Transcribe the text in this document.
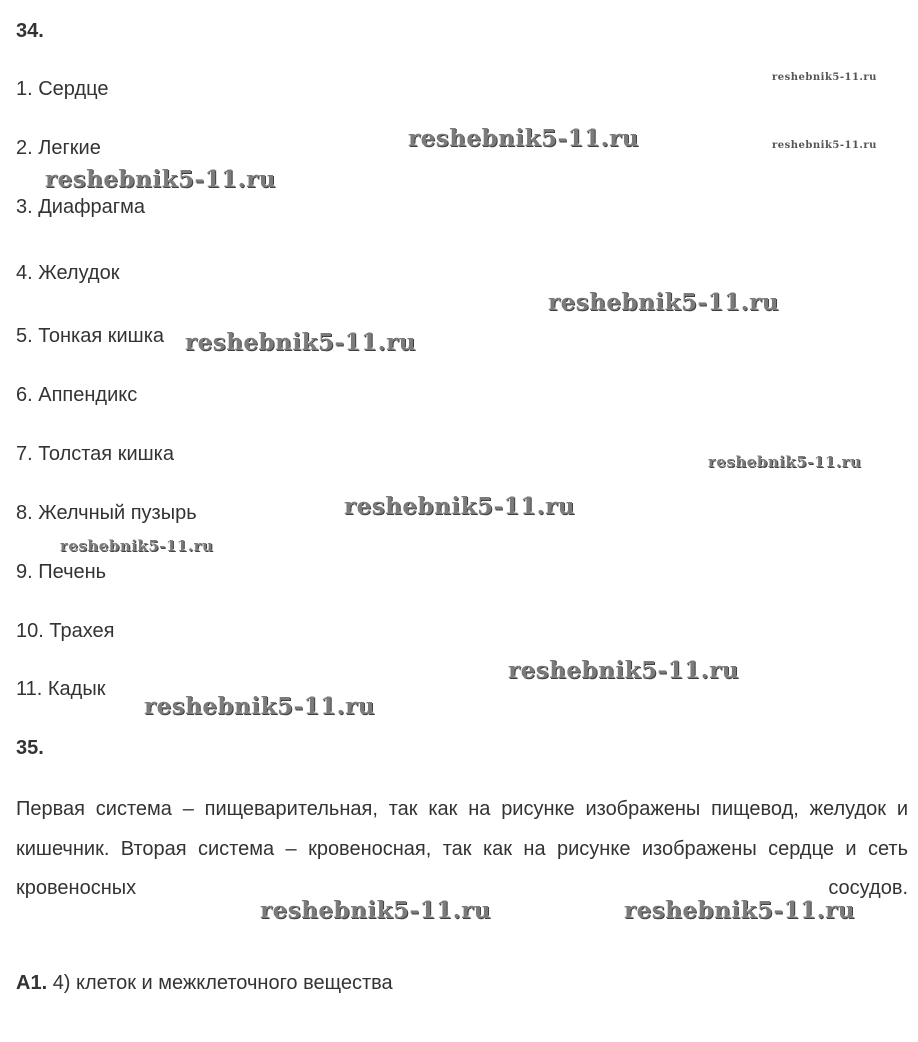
34.
1. Сердце
2. Легкие
3. Диафрагма
4. Желудок
5. Тонкая кишка
6. Аппендикс
7. Толстая кишка
8. Желчный пузырь
9. Печень
10. Трахея
11. Кадык
35.

Первая система – пищеварительная, так как на рисунке изображены пищевод, желудок и кишечник. Вторая система – кровеносная, так как на рисунке изображены сердце и сеть кровеносных сосудов.

A1. 4) клеток и межклеточного вещества
reshebnik5-11.ru
reshebnik5-11.ru	reshebnik5-11.ru
reshebnik5-11.ru
reshebnik5-11.ru
reshebnik5-11.ru
reshebnik5-11.ru
reshebnik5-11.ru
reshebnik5-11.ru
reshebnik5-11.ru
reshebnik5-11.ru
reshebnik5-11.ru	reshebnik5-11.ru
